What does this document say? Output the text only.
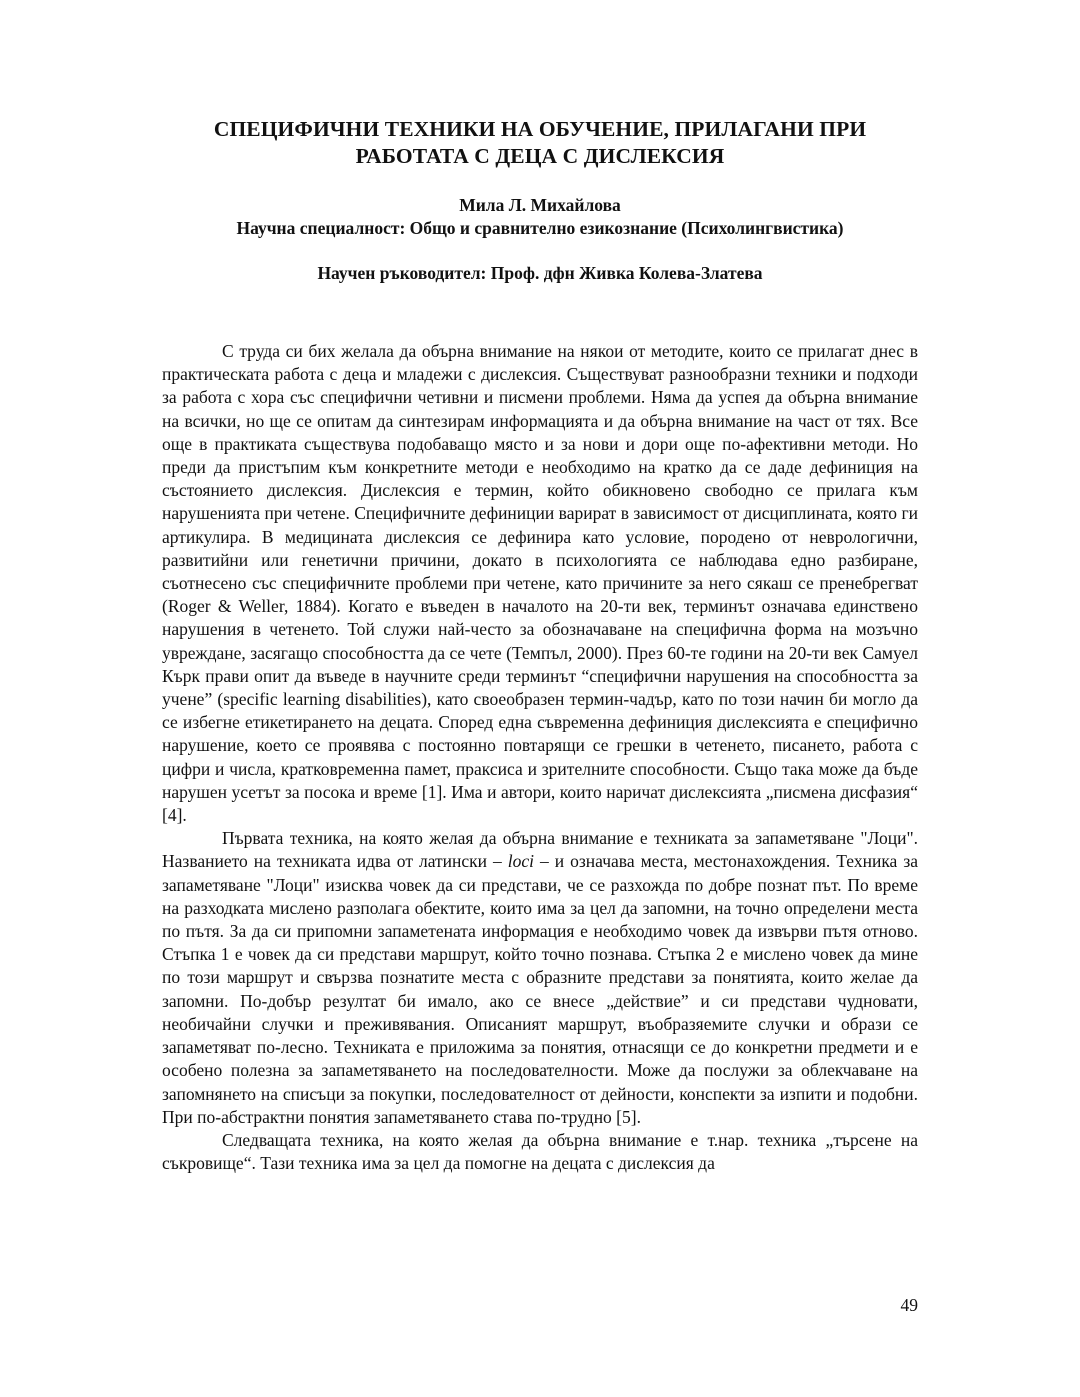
СПЕЦИФИЧНИ ТЕХНИКИ НА ОБУЧЕНИЕ, ПРИЛАГАНИ ПРИ
РАБОТАТА С ДЕЦА С ДИСЛЕКСИЯ

Мила Л. Михайлова

Научна специалност: Общо и сравнително езикознание (Психолингвистика)

Научен ръководител: Проф. дфн Живка Колева-Златева

С труда си бих желала да обърна внимание на някои от методите, които се прилагат днес в практическата работа с деца и младежи с дислексия. Съществуват разнообразни техники и подходи за работа с хора със специфични четивни и писмени проблеми. Няма да успея да обърна внимание на всички, но ще се опитам да синтезирам информацията и да обърна внимание на част от тях. Все още в практиката съществува подобаващо място и за нови и дори още по-афективни методи. Но преди да пристъпим към конкретните методи е необходимо на кратко да се даде дефиниция на състоянието дислексия. Дислексия е термин, който обикновено свободно се прилага към нарушенията при четене. Специфичните дефиниции варират в зависимост от дисциплината, която ги артикулира. В медицината дислексия се дефинира като условие, породено от неврологични, развитийни или генетични причини, докато в психологията се наблюдава едно разбиране, съотнесено със специфичните проблеми при четене, като причините за него сякаш се пренебрегват (Roger & Weller, 1884). Когато е въведен в началото на 20-ти век, терминът означава единствено нарушения в четенето. Той служи най-често за обозначаване на специфична форма на мозъчно увреждане, засягащо способността да се чете (Темпъл, 2000). През 60-те години на 20-ти век Самуел Кърк прави опит да въведе в научните среди терминът “специфични нарушения на способността за учене” (specific learning disabilities), като своеобразен термин-чадър, като по този начин би могло да се избегне етикетирането на децата. Според една съвременна дефиниция дислексията е специфично нарушение, което се проявява с постоянно повтарящи се грешки в четенето, писането, работа с цифри и числа, кратковременна памет, праксиса и зрителните способности. Също така може да бъде нарушен усетът за посока и време [1]. Има и автори, които наричат дислексията „писмена дисфазия“ [4].

Първата техника, на която желая да обърна внимание е техниката за запаметяване "Лоци". Названието на техниката идва от латински – loci – и означава места, местонахождения. Техника за запаметяване "Лоци" изисква човек да си представи, че се разхожда по добре познат път. По време на разходката мислено разполага обектите, които има за цел да запомни, на точно определени места по пътя. За да си припомни запаметената информация е необходимо човек да извърви пътя отново. Стъпка 1 е човек да си представи маршрут, който точно познава. Стъпка 2 е мислено човек да мине по този маршрут и свързва познатите места с образните представи за понятията, които желае да запомни. По-добър резултат би имало, ако се внесе „действие” и си представи чудновати, необичайни случки и преживявания. Описаният маршрут, въобразяемите случки и образи се запаметяват по-лесно. Техниката е приложима за понятия, отнасящи се до конкретни предмети и е особено полезна за запаметяването на последователности. Може да послужи за облекчаване на запомнянето на списъци за покупки, последователност от дейности, конспекти за изпити и подобни. При по-абстрактни понятия запаметяването става по-трудно [5].

Следващата техника, на която желая да обърна внимание е т.нар. техника „търсене на съкровище“. Тази техника има за цел да помогне на децата с дислексия да

49
